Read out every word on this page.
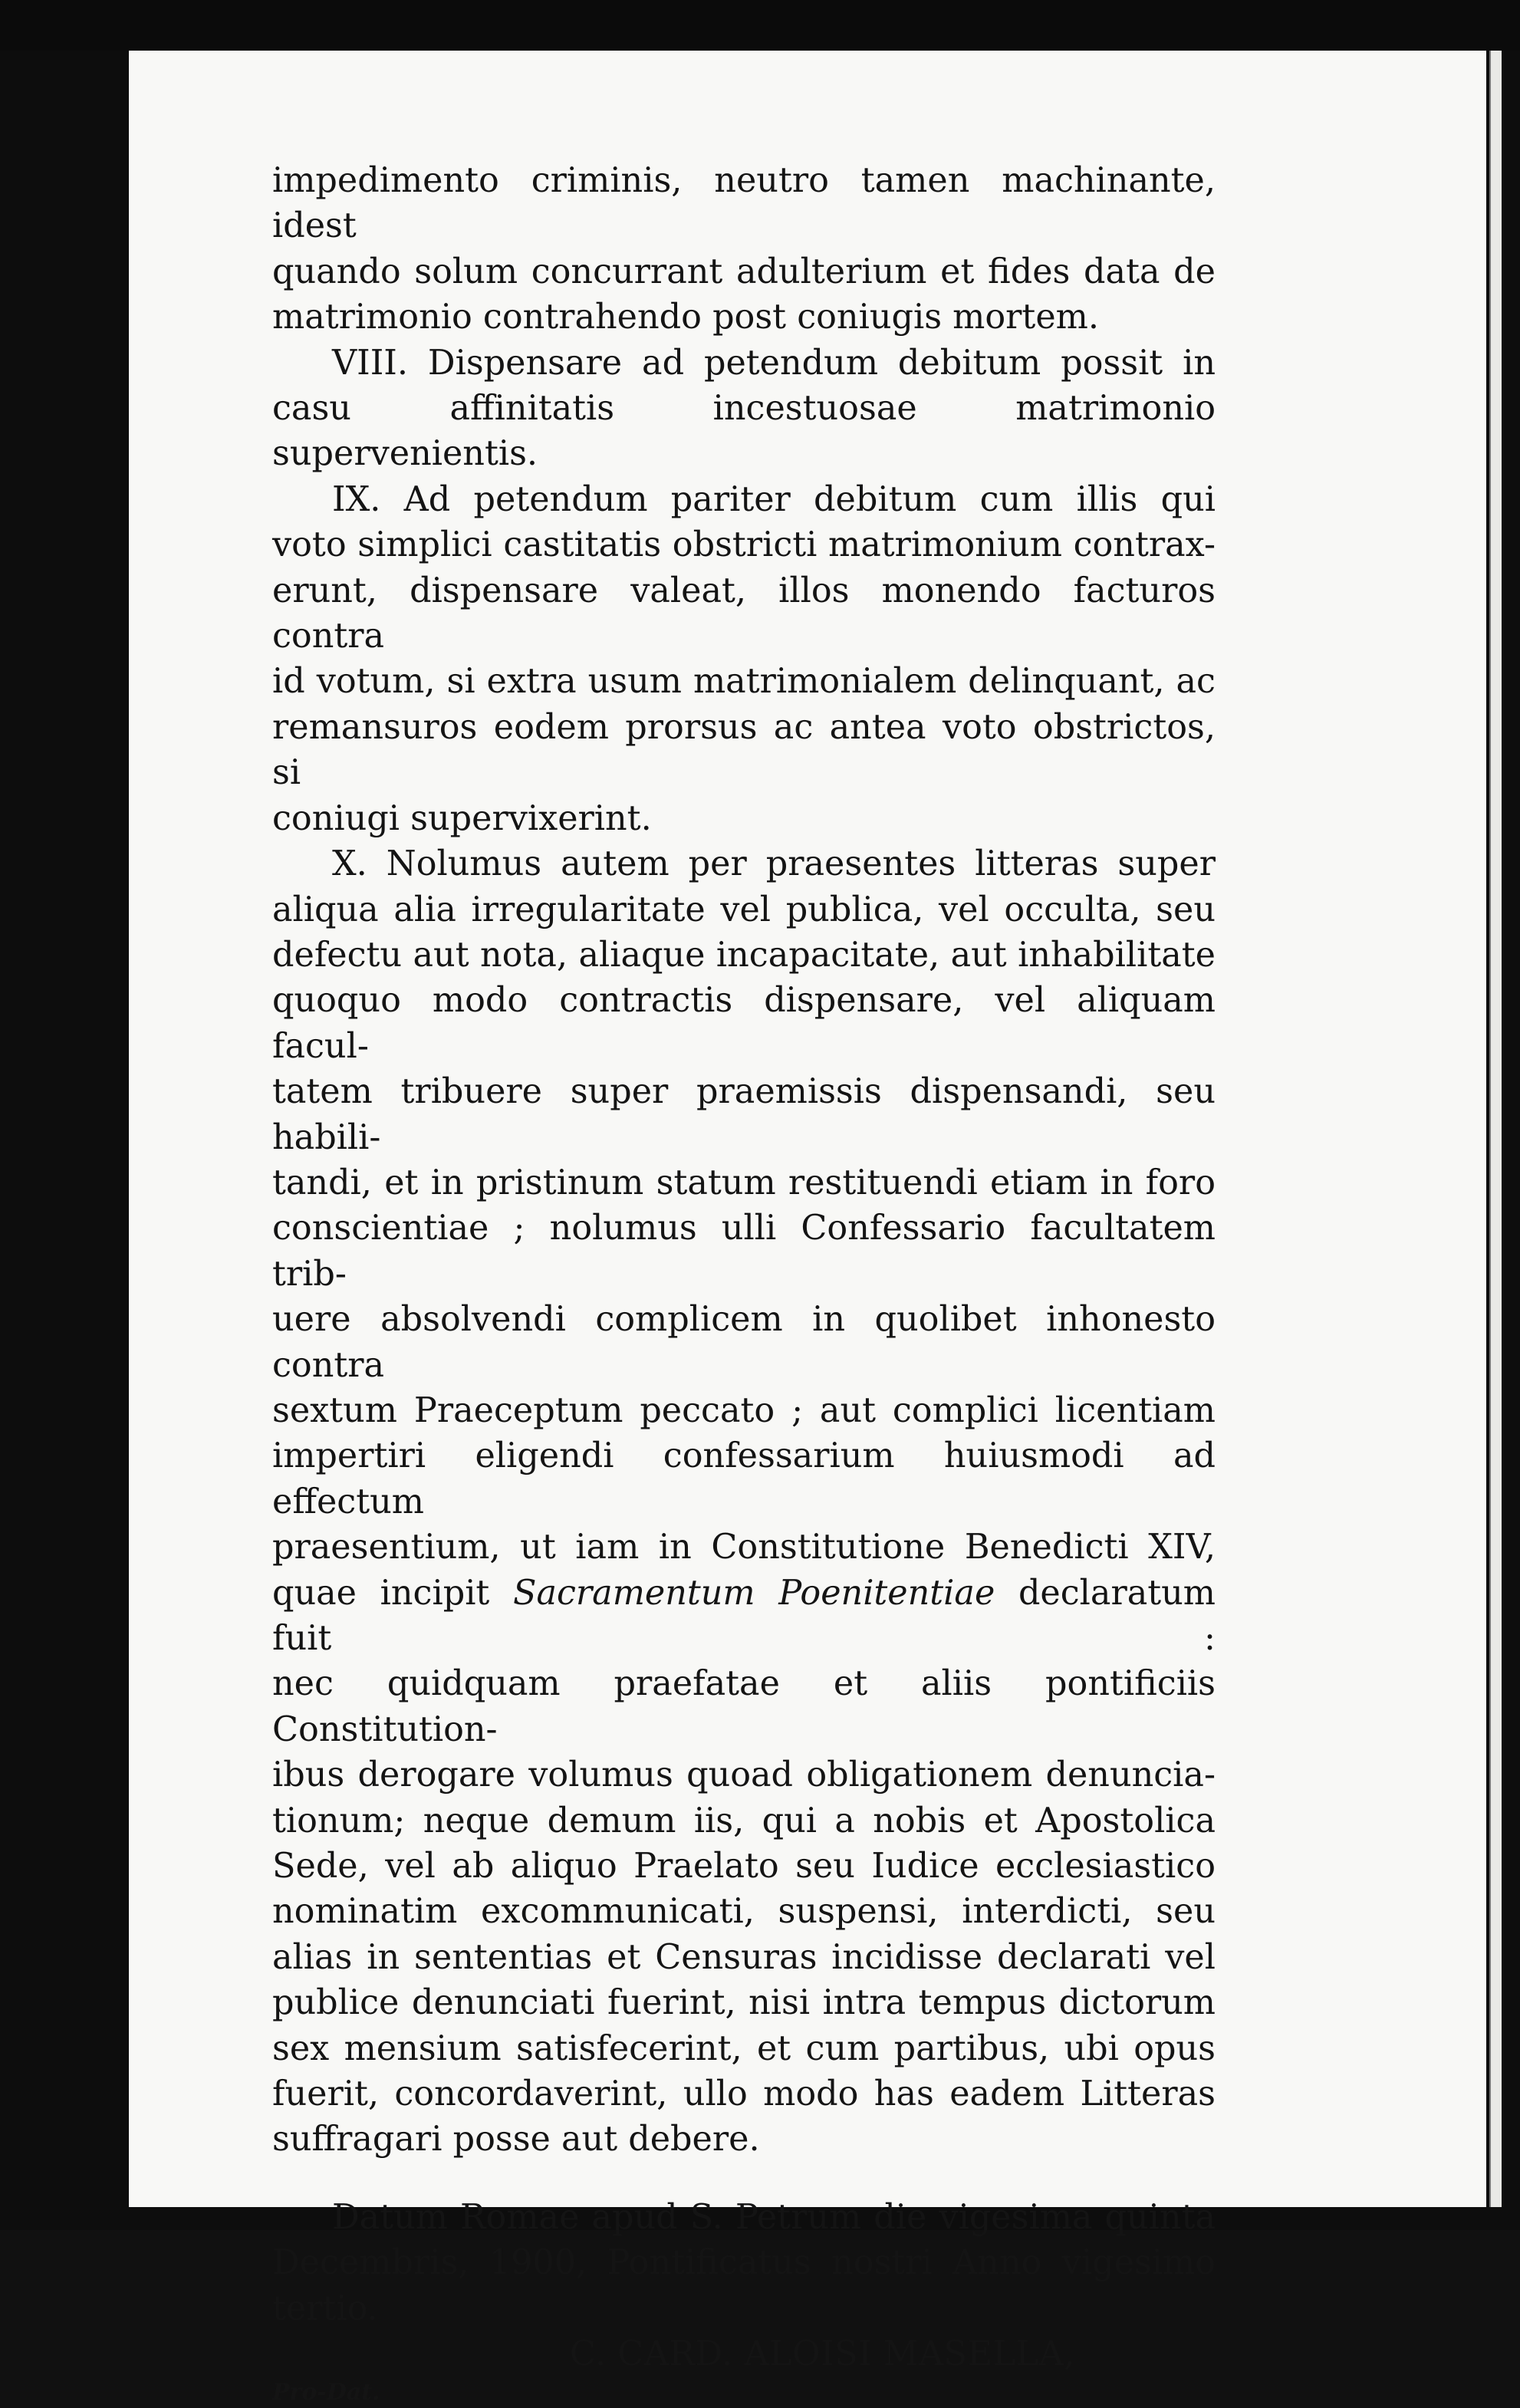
impedimento criminis, neutro tamen machinante, idest

quando solum concurrant adulterium et fides data de

matrimonio contrahendo post coniugis mortem.

VIII. Dispensare ad petendum debitum possit in

casu affinitatis incestuosae matrimonio supervenientis.

IX. Ad petendum pariter debitum cum illis qui

voto simplici castitatis obstricti matrimonium contrax-

erunt, dispensare valeat, illos monendo facturos contra

id votum, si extra usum matrimonialem delinquant, ac

remansuros eodem prorsus ac antea voto obstrictos, si

coniugi supervixerint.

X. Nolumus autem per praesentes litteras super

aliqua alia irregularitate vel publica, vel occulta, seu

defectu aut nota, aliaque incapacitate, aut inhabilitate

quoquo modo contractis dispensare, vel aliquam facul-

tatem tribuere super praemissis dispensandi, seu habili-

tandi, et in pristinum statum restituendi etiam in foro

conscientiae ; nolumus ulli Confessario facultatem trib-

uere absolvendi complicem in quolibet inhonesto contra

sextum Praeceptum peccato ; aut complici licentiam

impertiri eligendi confessarium huiusmodi ad effectum

praesentium, ut iam in Constitutione Benedicti XIV,

quae incipit Sacramentum Poenitentiae declaratum fuit :

nec quidquam praefatae et aliis pontificiis Constitution-

ibus derogare volumus quoad obligationem denuncia-

tionum; neque demum iis, qui a nobis et Apostolica

Sede, vel ab aliquo Praelato seu Iudice ecclesiastico

nominatim excommunicati, suspensi, interdicti, seu

alias in sententias et Censuras incidisse declarati vel

publice denunciati fuerint, nisi intra tempus dictorum

sex mensium satisfecerint, et cum partibus, ubi opus

fuerit, concordaverint, ullo modo has eadem Litteras

suffragari posse aut debere.

Datum Romae apud S. Petrum die vigesima quinta

Decembris, 1900, Pontificatus nostri Anno vigesimo

tertio.

C. CARD. ALOISI MASELLA,

Pro-Dat.
